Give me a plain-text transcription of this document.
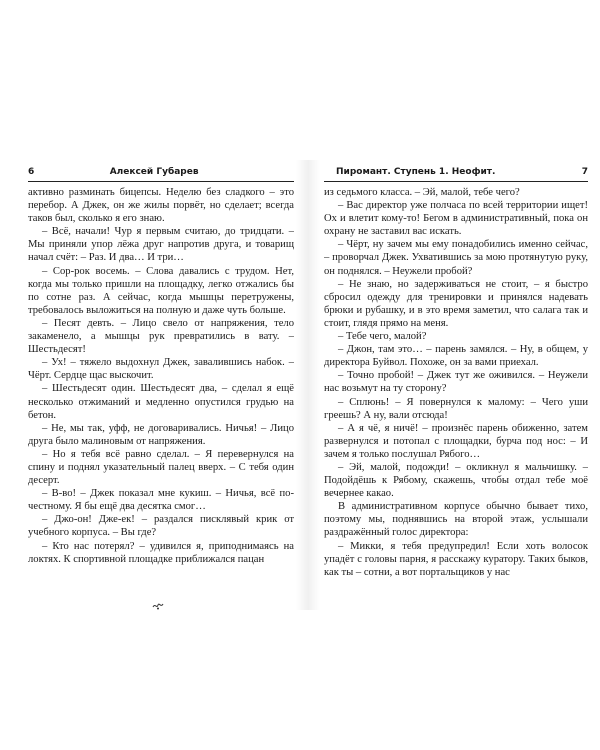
6	Алексей Губарев

активно разминать бицепсы. Неделю без сладкого – это перебор. А Джек, он же жилы порвёт, но сделает; всегда таков был, сколько я его знаю.

– Всё, начали! Чур я первым считаю, до тридцати. – Мы приняли упор лёжа друг напротив друга, и товарищ начал счёт: – Раз. И два… И три…

– Сор-рок восемь. – Слова давались с трудом. Нет, когда мы только пришли на площадку, легко отжались бы по сотне раз. А сейчас, когда мышцы перетружены, требовалось выложиться на полную и даже чуть больше.

– Песят девть. – Лицо свело от напряжения, тело закаменело, а мышцы рук превратились в вату. – Шестьдесят!

– Ух! – тяжело выдохнул Джек, завалившись набок. – Чёрт. Сердце щас выскочит.

– Шестьдесят один. Шестьдесят два, – сделал я ещё несколько отжиманий и медленно опустился грудью на бетон.

– Не, мы так, уфф, не договаривались. Ничья! – Лицо друга было малиновым от напряжения.

– Но я тебя всё равно сделал. – Я перевернулся на спину и поднял указательный палец вверх. – С тебя один десерт.

– В-во! – Джек показал мне кукиш. – Ничья, всё по-честному. Я бы ещё два десятка смог…

– Джо-он! Дже-ек! – раздался писклявый крик от учебного корпуса. – Вы где?

– Кто нас потерял? – удивился я, приподнимаясь на локтях. К спортивной площадке приближался пацан

Пиромант. Ступень 1. Неофит.	7

из седьмого класса. – Эй, малой, тебе чего?

– Вас директор уже полчаса по всей территории ищет! Ох и влетит кому-то! Бегом в административный, пока он охрану не заставил вас искать.

– Чёрт, ну зачем мы ему понадобились именно сейчас, – проворчал Джек. Ухватившись за мою протянутую руку, он поднялся. – Неужели пробой?

– Не знаю, но задерживаться не стоит, – я быстро сбросил одежду для тренировки и принялся надевать брюки и рубашку, и в это время заметил, что салага так и стоит, глядя прямо на меня.

– Тебе чего, малой?

– Джон, там это… – парень замялся. – Ну, в общем, у директора Буйвол. Похоже, он за вами приехал.

– Точно пробой! – Джек тут же оживился. – Неужели нас возьмут на ту сторону?

– Сплюнь! – Я повернулся к малому: – Чего уши греешь? А ну, вали отсюда!

– А я чё, я ничё! – произнёс парень обиженно, затем развернулся и потопал с площадки, бурча под нос: – И зачем я только послушал Рябого…

– Эй, малой, подожди! – окликнул я мальчишку. – Подойдёшь к Рябому, скажешь, чтобы отдал тебе моё вечернее какао.

В административном корпусе обычно бывает тихо, поэтому мы, поднявшись на второй этаж, услышали раздражённый голос директора:

– Микки, я тебя предупредил! Если хоть волосок упадёт с головы парня, я расскажу куратору. Таких быков, как ты – сотни, а вот портальщиков у нас
